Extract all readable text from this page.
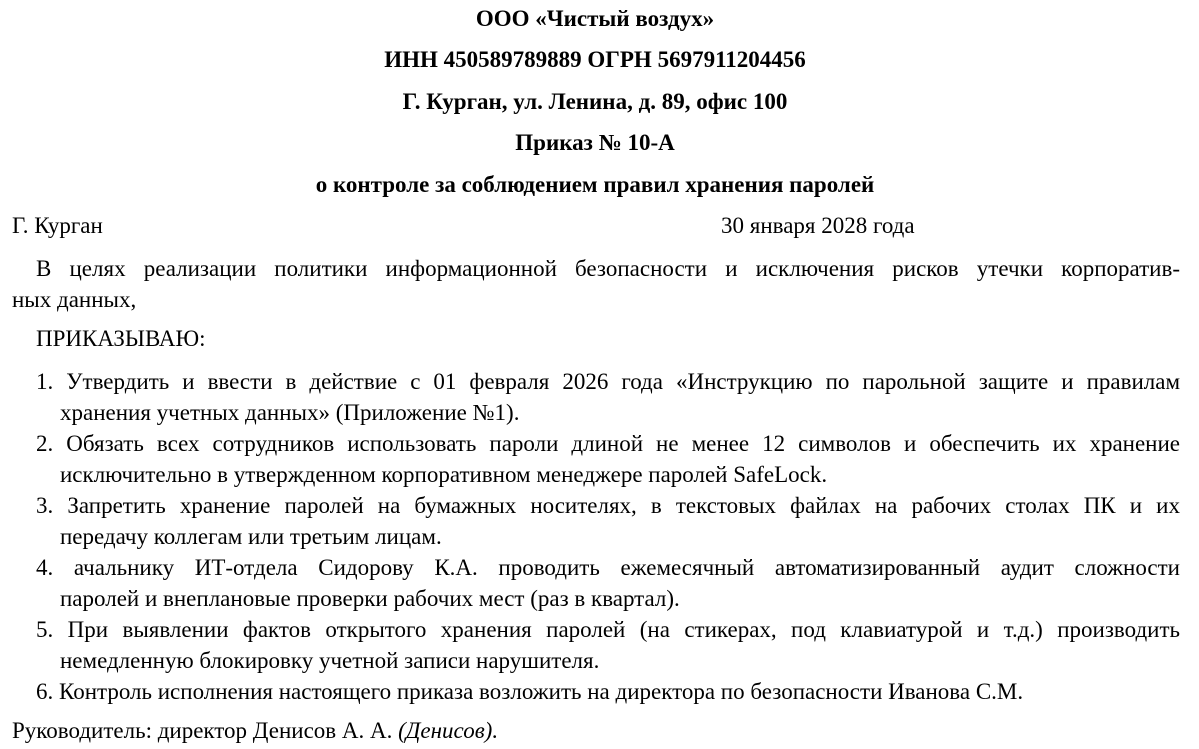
ООО «Чистый воздух»
ИНН 450589789889 ОГРН 5697911204456
Г. Курган, ул. Ленина, д. 89, офис 100
Приказ № 10-А
о контроле за соблюдением правил хранения паролей
Г. Курган	30 января 2028 года
В целях реализации политики информационной безопасности и исключения рисков утечки корпоратив-
ных данных,
ПРИКАЗЫВАЮ:
1. Утвердить и ввести в действие с 01 февраля 2026 года «Инструкцию по парольной защите и правилам
хранения учетных данных» (Приложение №1).
2. Обязать всех сотрудников использовать пароли длиной не менее 12 символов и обеспечить их хранение
исключительно в утвержденном корпоративном менеджере паролей SafeLock.
3. Запретить хранение паролей на бумажных носителях, в текстовых файлах на рабочих столах ПК и их
передачу коллегам или третьим лицам.
4. ачальнику ИТ-отдела Сидорову К.А. проводить ежемесячный автоматизированный аудит сложности
паролей и внеплановые проверки рабочих мест (раз в квартал).
5. При выявлении фактов открытого хранения паролей (на стикерах, под клавиатурой и т.д.) производить
немедленную блокировку учетной записи нарушителя.
6. Контроль исполнения настоящего приказа возложить на директора по безопасности Иванова С.М.
Руководитель: директор Денисов А. А. (Денисов).
